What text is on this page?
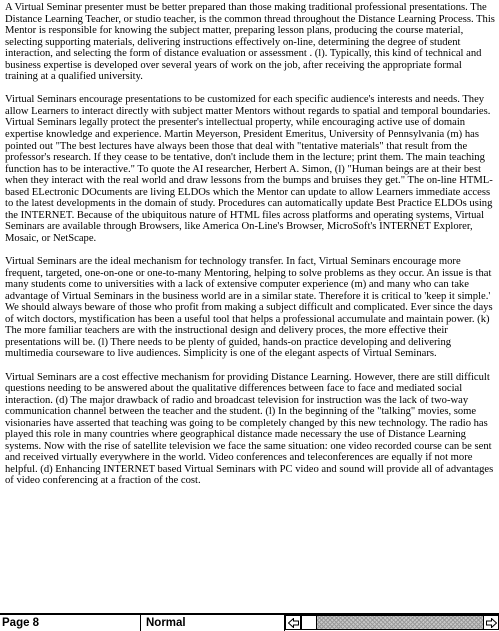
A Virtual Seminar presenter must be better prepared than those making traditional professional presentations. The Distance Learning Teacher, or studio teacher, is the common thread throughout the Distance Learning Process. This Mentor is responsible for knowing the subject matter, preparing lesson plans, producing the course material, selecting supporting materials, delivering instructions effectively on-line, determining the degree of student interaction, and selecting the form of distance evaluation or assessment . (l). Typically, this kind of technical and business expertise is developed over several years of work on the job, after receiving the appropriate formal training at a qualified university.

Virtual Seminars encourage presentations to be customized for each specific audience's interests and needs. They allow Learners to interact directly with subject matter Mentors without regards to spatial and temporal boundaries. Virtual Seminars legally protect the presenter's intellectual property, while encouraging active use of domain expertise knowledge and experience. Martin Meyerson, President Emeritus, University of Pennsylvania (m) has pointed out "The best lectures have always been those that deal with "tentative materials" that result from the professor's research. If they cease to be tentative, don't include them in the lecture; print them. The main teaching function has to be interactive." To quote the AI researcher, Herbert A. Simon, (l) "Human beings are at their best when they interact with the real world and draw lessons from the bumps and bruises they get." The on-line HTML-based ELectronic DOcuments are living ELDOs which the Mentor can update to allow Learners immediate access to the latest developments in the domain of study. Procedures can automatically update Best Practice ELDOs using the INTERNET. Because of the ubiquitous nature of HTML files across platforms and operating systems, Virtual Seminars are available through Browsers, like America On-Line's Browser, MicroSoft's INTERNET Explorer, Mosaic, or NetScape.

Virtual Seminars are the ideal mechanism for technology transfer. In fact, Virtual Seminars encourage more frequent, targeted, one-on-one or one-to-many Mentoring, helping to solve problems as they occur. An issue is that many students come to universities with a lack of extensive computer experience (m) and many who can take advantage of Virtual Seminars in the business world are in a similar state. Therefore it is critical to 'keep it simple.' We should always beware of those who profit from making a subject difficult and complicated. Ever since the days of witch doctors, mystification has been a useful tool that helps a professional accumulate and maintain power. (k) The more familiar teachers are with the instructional design and delivery proces, the more effective their presentations will be. (l) There needs to be plenty of guided, hands-on practice developing and delivering multimedia courseware to live audiences. Simplicity is one of the elegant aspects of Virtual Seminars.

Virtual Seminars are a cost effective mechanism for providing Distance Learning. However, there are still difficult questions needing to be answered about the qualitative differences between face to face and mediated social interaction. (d) The major drawback of radio and broadcast television for instruction was the lack of two-way communication channel between the teacher and the student. (l) In the beginning of the "talking" movies, some visionaries have asserted that teaching was going to be completely changed by this new technology. The radio has played this role in many countries where geographical distance made necessary the use of Distance Learning systems. Now with the rise of satellite television we face the same situation: one video recorded course can be sent and received virtually everywhere in the world. Video conferences and teleconferences are equally if not more helpful. (d) Enhancing INTERNET based Virtual Seminars with PC video and sound will provide all of advantages of video conferencing at a fraction of the cost.

Page 8	Normal
